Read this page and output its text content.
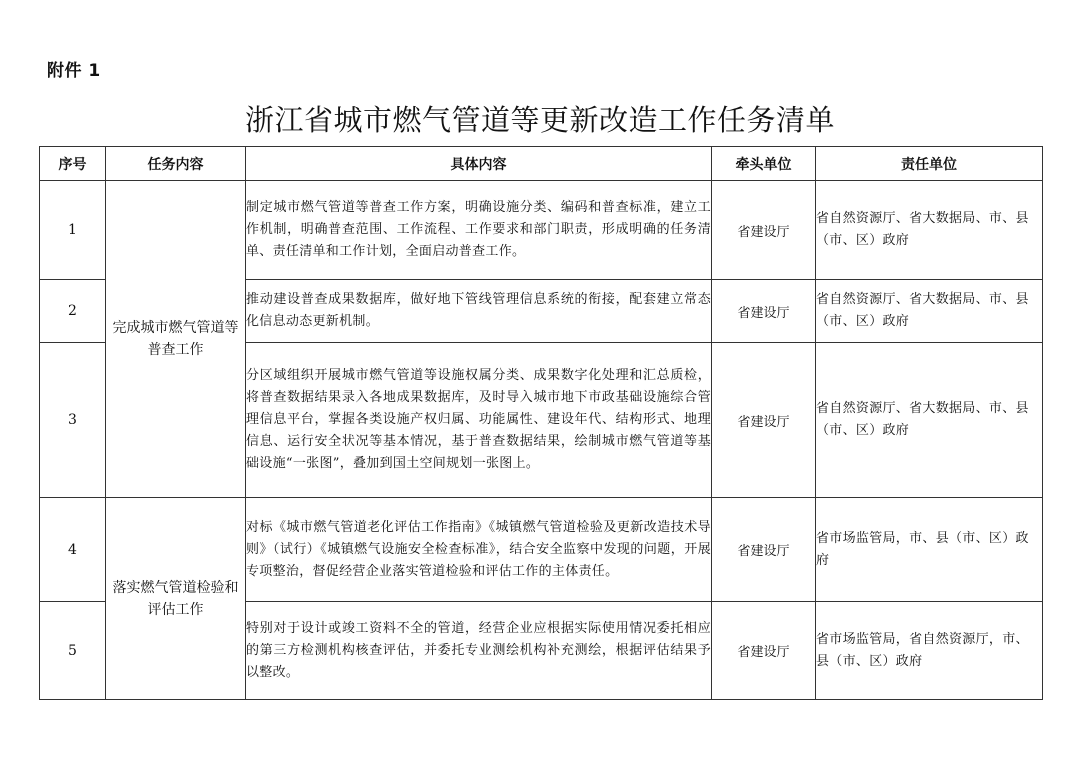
附件 1
浙江省城市燃气管道等更新改造工作任务清单
序号	任务内容	具体内容	牵头单位	责任单位
1	完成城市燃气管道等普查工作	制定城市燃气管道等普查工作方案，明确设施分类、编码和普查标准，建立工作机制，明确普查范围、工作流程、工作要求和部门职责，形成明确的任务清单、责任清单和工作计划，全面启动普查工作。	省建设厅	省自然资源厅、省大数据局、市、县（市、区）政府
2		推动建设普查成果数据库，做好地下管线管理信息系统的衔接，配套建立常态化信息动态更新机制。	省建设厅	省自然资源厅、省大数据局、市、县（市、区）政府
3		分区域组织开展城市燃气管道等设施权属分类、成果数字化处理和汇总质检，将普查数据结果录入各地成果数据库，及时导入城市地下市政基础设施综合管理信息平台，掌握各类设施产权归属、功能属性、建设年代、结构形式、地理信息、运行安全状况等基本情况，基于普查数据结果，绘制城市燃气管道等基础设施“一张图”，叠加到国土空间规划一张图上。	省建设厅	省自然资源厅、省大数据局、市、县（市、区）政府
4	落实燃气管道检验和评估工作	对标《城市燃气管道老化评估工作指南》《城镇燃气管道检验及更新改造技术导则》（试行）《城镇燃气设施安全检查标准》，结合安全监察中发现的问题，开展专项整治，督促经营企业落实管道检验和评估工作的主体责任。	省建设厅	省市场监管局，市、县（市、区）政府
5		特别对于设计或竣工资料不全的管道，经营企业应根据实际使用情况委托相应的第三方检测机构核查评估，并委托专业测绘机构补充测绘，根据评估结果予以整改。	省建设厅	省市场监管局，省自然资源厅，市、县（市、区）政府
